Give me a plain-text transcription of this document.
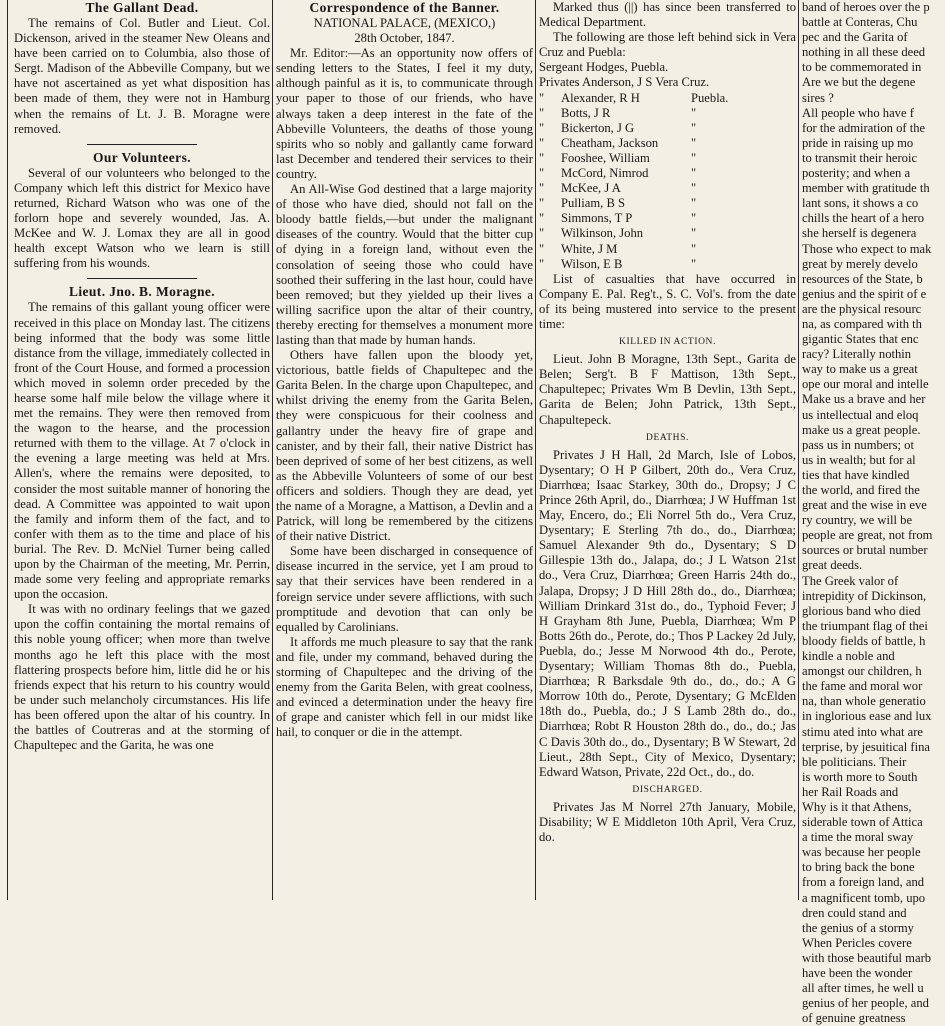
The Gallant Dead.

The remains of Col. Butler and Lieut. Col. Dickenson, arived in the steamer New Oleans and have been carried on to Columbia, also those of Sergt. Madison of the Abbeville Company, but we have not ascertained as yet what disposition has been made of them, they were not in Hamburg when the remains of Lt. J. B. Moragne were removed.

Our Volunteers.

Several of our volunteers who belonged to the Company which left this district for Mexico have returned, Richard Watson who was one of the forlorn hope and severely wounded, Jas. A. McKee and W. J. Lomax they are all in good health except Watson who we learn is still suffering from his wounds.

Lieut. Jno. B. Moragne.

The remains of this gallant young officer were received in this place on Monday last. The citizens being informed that the body was some little distance from the village, immediately collected in front of the Court House, and formed a procession which moved in solemn order preceded by the hearse some half mile below the village where it met the remains. They were then removed from the wagon to the hearse, and the procession returned with them to the village. At 7 o'clock in the evening a large meeting was held at Mrs. Allen's, where the remains were deposited, to consider the most suitable manner of honoring the dead. A Committee was appointed to wait upon the family and inform them of the fact, and to confer with them as to the time and place of his burial. The Rev. D. McNiel Turner being called upon by the Chairman of the meeting, Mr. Perrin, made some very feeling and appropriate remarks upon the occasion.

It was with no ordinary feelings that we gazed upon the coffin containing the mortal remains of this noble young officer; when more than twelve months ago he left this place with the most flattering prospects before him, little did he or his friends expect that his return to his country would be under such melancholy circumstances. His life has been offered upon the altar of his country. In the battles of Coutreras and at the storming of Chapultepec and the Garita, he was one

Correspondence of the Banner.

NATIONAL PALACE, (MEXICO,)

28th October, 1847.

Mr. Editor:—As an opportunity now offers of sending letters to the States, I feel it my duty, although painful as it is, to communicate through your paper to those of our friends, who have always taken a deep interest in the fate of the Abbeville Volunteers, the deaths of those young spirits who so nobly and gallantly came forward last December and tendered their services to their country.

An All-Wise God destined that a large majority of those who have died, should not fall on the bloody battle fields,—but under the malignant diseases of the country. Would that the bitter cup of dying in a foreign land, without even the consolation of seeing those who could have soothed their suffering in the last hour, could have been removed; but they yielded up their lives a willing sacrifice upon the altar of their country, thereby erecting for themselves a monument more lasting than that made by human hands.

Others have fallen upon the bloody yet, victorious, battle fields of Chapultepec and the Garita Belen. In the charge upon Chapultepec, and whilst driving the enemy from the Garita Belen, they were conspicuous for their coolness and gallantry under the heavy fire of grape and canister, and by their fall, their native District has been deprived of some of her best citizens, as well as the Abbeville Volunteers of some of our best officers and soldiers. Though they are dead, yet the name of a Moragne, a Mattison, a Devlin and a Patrick, will long be remembered by the citizens of their native District.

Some have been discharged in consequence of disease incurred in the service, yet I am proud to say that their services have been rendered in a foreign service under severe afflictions, with such promptitude and devotion that can only be equalled by Carolinians.

It affords me much pleasure to say that the rank and file, under my command, behaved during the storming of Chapultepec and the driving of the enemy from the Garita Belen, with great coolness, and evinced a determination under the heavy fire of grape and canister which fell in our midst like hail, to conquer or die in the attempt.

Marked thus (||) has since been transferred to Medical Department.

The following are those left behind sick in Vera Cruz and Puebla:

Sergeant Hodges, Puebla.

Privates Anderson, J S Vera Cruz.

"	Alexander, R H	Puebla.
"	Botts, J R	"
"	Bickerton, J G	"
"	Cheatham, Jackson	"
"	Fooshee, William	"
"	McCord, Nimrod	"
"	McKee, J A	"
"	Pulliam, B S	"
"	Simmons, T P	"
"	Wilkinson, John	"
"	White, J M	"
"	Wilson, E B	"

List of casualties that have occurred in Company E. Pal. Reg't., S. C. Vol's. from the date of its being mustered into service to the present time:

KILLED IN ACTION.

Lieut. John B Moragne, 13th Sept., Garita de Belen; Serg't. B F Mattison, 13th Sept., Chapultepec; Privates Wm B Devlin, 13th Sept., Garita de Belen; John Patrick, 13th Sept., Chapultepeck.

DEATHS.

Privates J H Hall, 2d March, Isle of Lobos, Dysentary; O H P Gilbert, 20th do., Vera Cruz, Diarrhœa; Isaac Starkey, 30th do., Dropsy; J C Prince 26th April, do., Diarrhœa; J W Huffman 1st May, Encero, do.; Eli Norrel 5th do., Vera Cruz, Dysentary; E Sterling 7th do., do., Diarrhœa; Samuel Alexander 9th do., Dysentary; S D Gillespie 13th do., Jalapa, do.; J L Watson 21st do., Vera Cruz, Diarrhœa; Green Harris 24th do., Jalapa, Dropsy; J D Hill 28th do., do., Diarrhœa; William Drinkard 31st do., do., Typhoid Fever; J H Grayham 8th June, Puebla, Diarrhœa; Wm P Botts 26th do., Perote, do.; Thos P Lackey 2d July, Puebla, do.; Jesse M Norwood 4th do., Perote, Dysentary; William Thomas 8th do., Puebla, Diarrhœa; R Barksdale 9th do., do., do.; A G Morrow 10th do., Perote, Dysentary; G McElden 18th do., Puebla, do.; J S Lamb 28th do., do., Diarrhœa; Robt R Houston 28th do., do., do.; Jas C Davis 30th do., do., Dysentary; B W Stewart, 2d Lieut., 28th Sept., City of Mexico, Dysentary; Edward Watson, Private, 22d Oct., do., do.

DISCHARGED.

Privates Jas M Norrel 27th January, Mobile, Disability; W E Middleton 10th April, Vera Cruz, do.

band of heroes over the p

battle at Conteras, Chu

pec and the Garita of

nothing in all these deed

to be commemorated in

Are we but the degene

sires ?

All people who have f

for the admiration of the

pride in raising up mo

to transmit their heroic

posterity; and when a

member with gratitude th

lant sons, it shows a co

chills the heart of a hero

she herself is degenera

Those who expect to mak

great by merely develo

resources of the State, b

genius and the spirit of e

are the physical resourc

na, as compared with th

gigantic States that enc

racy? Literally nothin

way to make us a great

ope our moral and intelle

Make us a brave and her

us intellectual and eloq

make us a great people.

pass us in numbers; ot

us in wealth; but for al

ties that have kindled

the world, and fired the

great and the wise in eve

ry country, we will be

people are great, not from

sources or brutal number

great deeds.

The Greek valor of

intrepidity of Dickinson,

glorious band who died

the triumpant flag of thei

bloody fields of battle, h

kindle a noble and

amongst our children, h

the fame and moral wor

na, than whole generatio

in inglorious ease and lux

stimu ated into what are

terprise, by jesuitical fina

ble politicians. Their

is worth more to South

her Rail Roads and

Why is it that Athens,

siderable town of Attica

a time the moral sway

was because her people

to bring back the bone

from a foreign land, and

a magnificent tomb, upo

dren could stand and

the genius of a stormy

When Pericles covere

with those beautiful marb

have been the wonder

all after times, he well u

genius of her people, and

of genuine greatness
